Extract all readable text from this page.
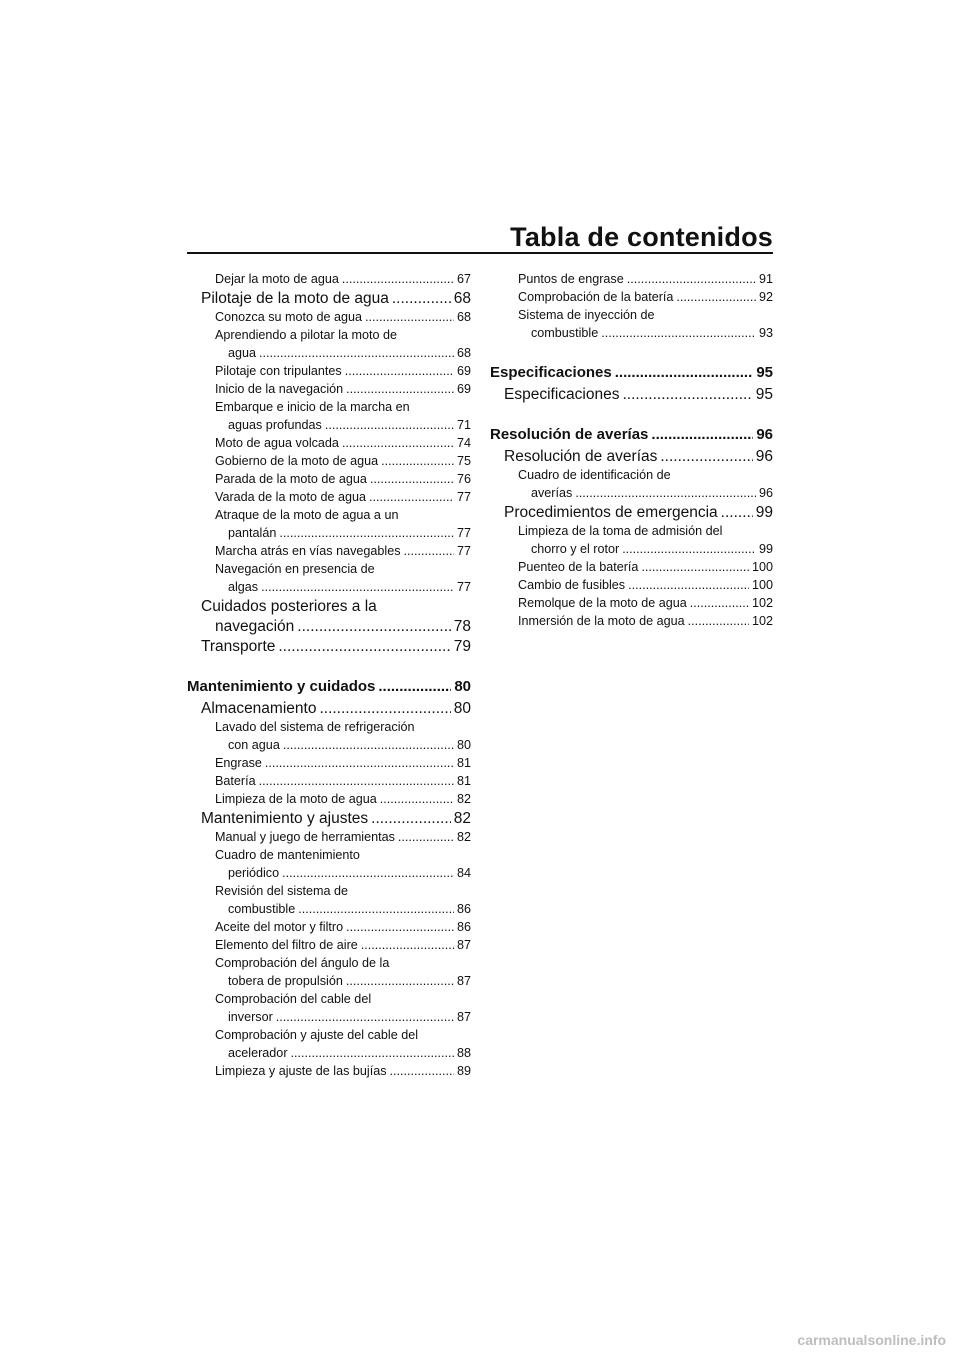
Tabla de contenidos
Dejar la moto de agua .....	67
Pilotaje de la moto de agua .....	68
Conozca su moto de agua .....	68
Aprendiendo a pilotar la moto de
agua .....	68
Pilotaje con tripulantes .....	69
Inicio de la navegación .....	69
Embarque e inicio de la marcha en
aguas profundas .....	71
Moto de agua volcada .....	74
Gobierno de la moto de agua .....	75
Parada de la moto de agua .....	76
Varada de la moto de agua .....	77
Atraque de la moto de agua a un
pantalán .....	77
Marcha atrás en vías navegables .....	77
Navegación en presencia de
algas .....	77
Cuidados posteriores a la
navegación .....	78
Transporte .....	79
Mantenimiento y cuidados .....	80
Almacenamiento .....	80
Lavado del sistema de refrigeración
con agua .....	80
Engrase .....	81
Batería .....	81
Limpieza de la moto de agua .....	82
Mantenimiento y ajustes .....	82
Manual y juego de herramientas .....	82
Cuadro de mantenimiento
periódico .....	84
Revisión del sistema de
combustible .....	86
Aceite del motor y filtro .....	86
Elemento del filtro de aire .....	87
Comprobación del ángulo de la
tobera de propulsión .....	87
Comprobación del cable del
inversor .....	87
Comprobación y ajuste del cable del
acelerador .....	88
Limpieza y ajuste de las bujías .....	89
Puntos de engrase .....	91
Comprobación de la batería .....	92
Sistema de inyección de
combustible .....	93
Especificaciones .....	95
Especificaciones .....	95
Resolución de averías .....	96
Resolución de averías .....	96
Cuadro de identificación de
averías .....	96
Procedimientos de emergencia ..... 99
Limpieza de la toma de admisión del
chorro y el rotor .....	99
Puenteo de la batería .....	100
Cambio de fusibles .....	100
Remolque de la moto de agua .....	102
Inmersión de la moto de agua .....	102
carmanualsonline.info
